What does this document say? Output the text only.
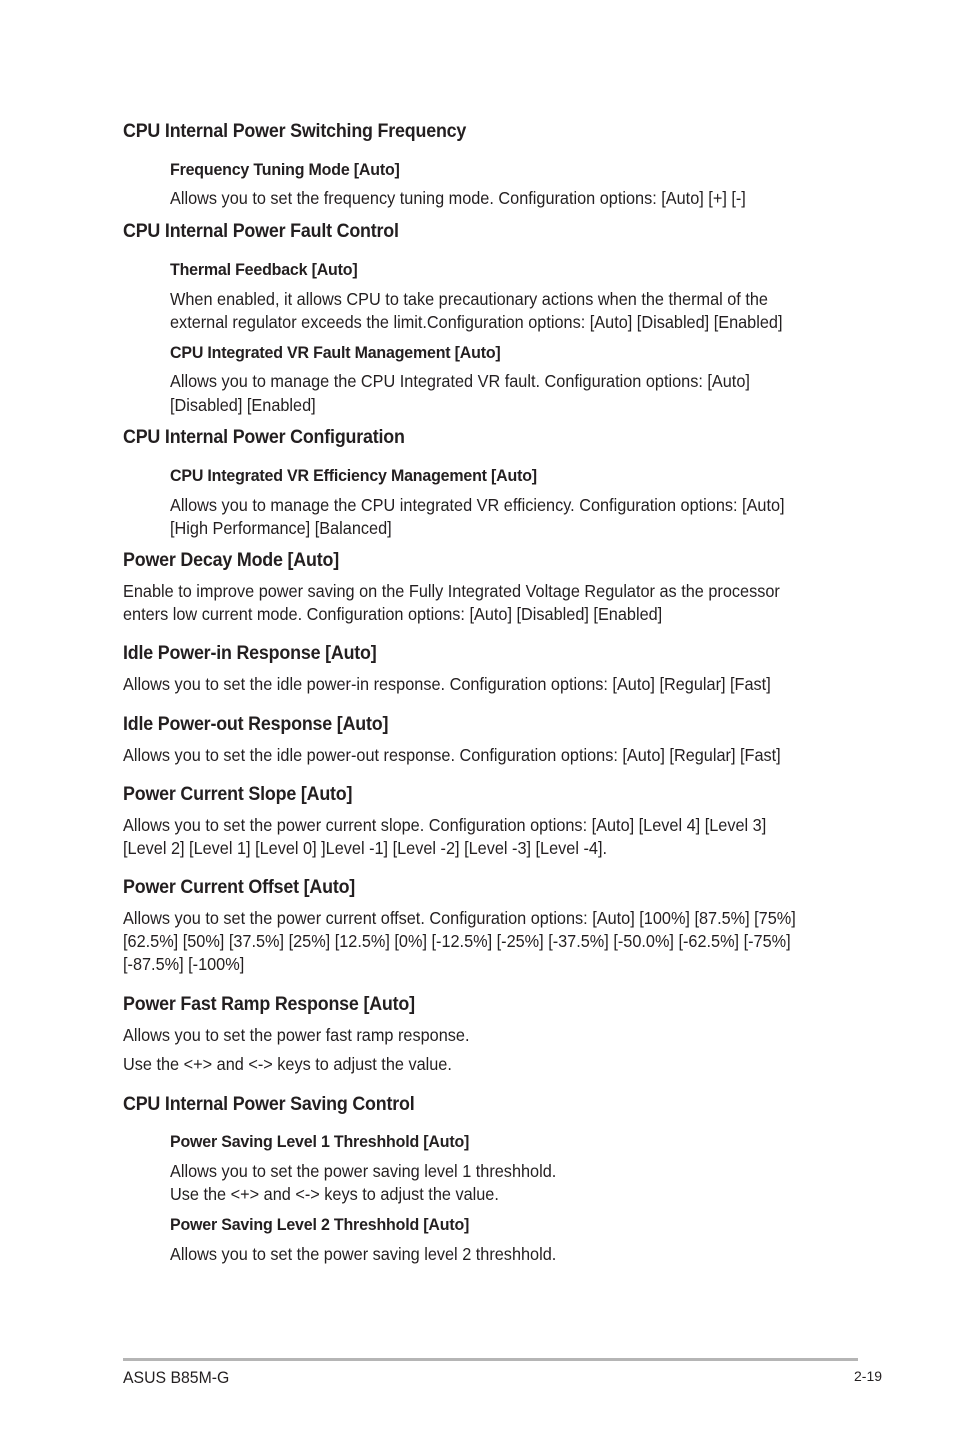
CPU Internal Power Switching Frequency
Frequency Tuning Mode [Auto]
Allows you to set the frequency tuning mode. Configuration options: [Auto] [+] [-]
CPU Internal Power Fault Control
Thermal Feedback [Auto]
When enabled, it allows CPU to take precautionary actions when the thermal of the
external regulator exceeds the limit.Configuration options: [Auto] [Disabled] [Enabled]
CPU Integrated VR Fault Management [Auto]
Allows you to manage the CPU Integrated VR fault. Configuration options: [Auto]
[Disabled] [Enabled]
CPU Internal Power Configuration
CPU Integrated VR Efficiency Management [Auto]
Allows you to manage the CPU integrated VR efficiency. Configuration options: [Auto]
[High Performance] [Balanced]
Power Decay Mode [Auto]
Enable to improve power saving on the Fully Integrated Voltage Regulator as the processor
enters low current mode. Configuration options: [Auto] [Disabled] [Enabled]
Idle Power-in Response [Auto]
Allows you to set the idle power-in response. Configuration options: [Auto] [Regular] [Fast]
Idle Power-out Response [Auto]
Allows you to set the idle power-out response. Configuration options: [Auto] [Regular] [Fast]
Power Current Slope [Auto]
Allows you to set the power current slope. Configuration options: [Auto] [Level 4] [Level 3]
[Level 2] [Level 1] [Level 0] ]Level -1] [Level -2] [Level -3] [Level -4].
Power Current Offset [Auto]
Allows you to set the power current offset. Configuration options: [Auto] [100%] [87.5%] [75%]
[62.5%] [50%] [37.5%] [25%] [12.5%] [0%] [-12.5%] [-25%] [-37.5%] [-50.0%] [-62.5%] [-75%]
[-87.5%] [-100%]
Power Fast Ramp Response [Auto]
Allows you to set the power fast ramp response.
Use the <+> and <-> keys to adjust the value.
CPU Internal Power Saving Control
Power Saving Level 1 Threshhold [Auto]
Allows you to set the power saving level 1 threshhold.
Use the <+> and <-> keys to adjust the value.
Power Saving Level 2 Threshhold [Auto]
Allows you to set the power saving level 2 threshhold.
ASUS B85M-G	2-19
